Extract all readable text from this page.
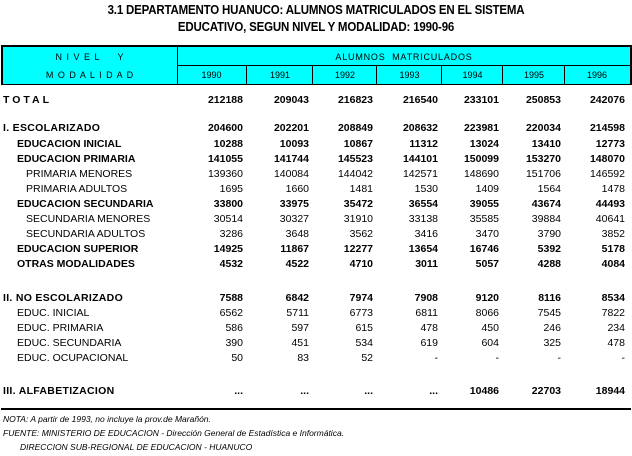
3.1 DEPARTAMENTO HUANUCO: ALUMNOS MATRICULADOS EN EL SISTEMA
EDUCATIVO, SEGUN NIVEL Y MODALIDAD: 1990-96
N I V E L     Y
M O D A L I D A D
ALUMNOS  MATRICULADOS
1990	1991	1992	1993	1994	1995	1996
TOTAL	212188	209043	216823	216540	233101	250853	242076
I. ESCOLARIZADO	204600	202201	208849	208632	223981	220034	214598
EDUCACION INICIAL	10288	10093	10867	11312	13024	13410	12773
EDUCACION PRIMARIA	141055	141744	145523	144101	150099	153270	148070
PRIMARIA MENORES	139360	140084	144042	142571	148690	151706	146592
PRIMARIA ADULTOS	1695	1660	1481	1530	1409	1564	1478
EDUCACION SECUNDARIA	33800	33975	35472	36554	39055	43674	44493
SECUNDARIA MENORES	30514	30327	31910	33138	35585	39884	40641
SECUNDARIA ADULTOS	3286	3648	3562	3416	3470	3790	3852
EDUCACION SUPERIOR	14925	11867	12277	13654	16746	5392	5178
OTRAS MODALIDADES	4532	4522	4710	3011	5057	4288	4084
II. NO ESCOLARIZADO	7588	6842	7974	7908	9120	8116	8534
EDUC. INICIAL	6562	5711	6773	6811	8066	7545	7822
EDUC. PRIMARIA	586	597	615	478	450	246	234
EDUC. SECUNDARIA	390	451	534	619	604	325	478
EDUC. OCUPACIONAL	50	83	52	-	-	-	-
III. ALFABETIZACION	...	...	...	...	10486	22703	18944
NOTA: A partir de 1993, no incluye la prov.de Marañón.
FUENTE: MINISTERIO DE EDUCACION - Dirección General de Estadística e Informática.
DIRECCION SUB-REGIONAL DE EDUCACION - HUANUCO
